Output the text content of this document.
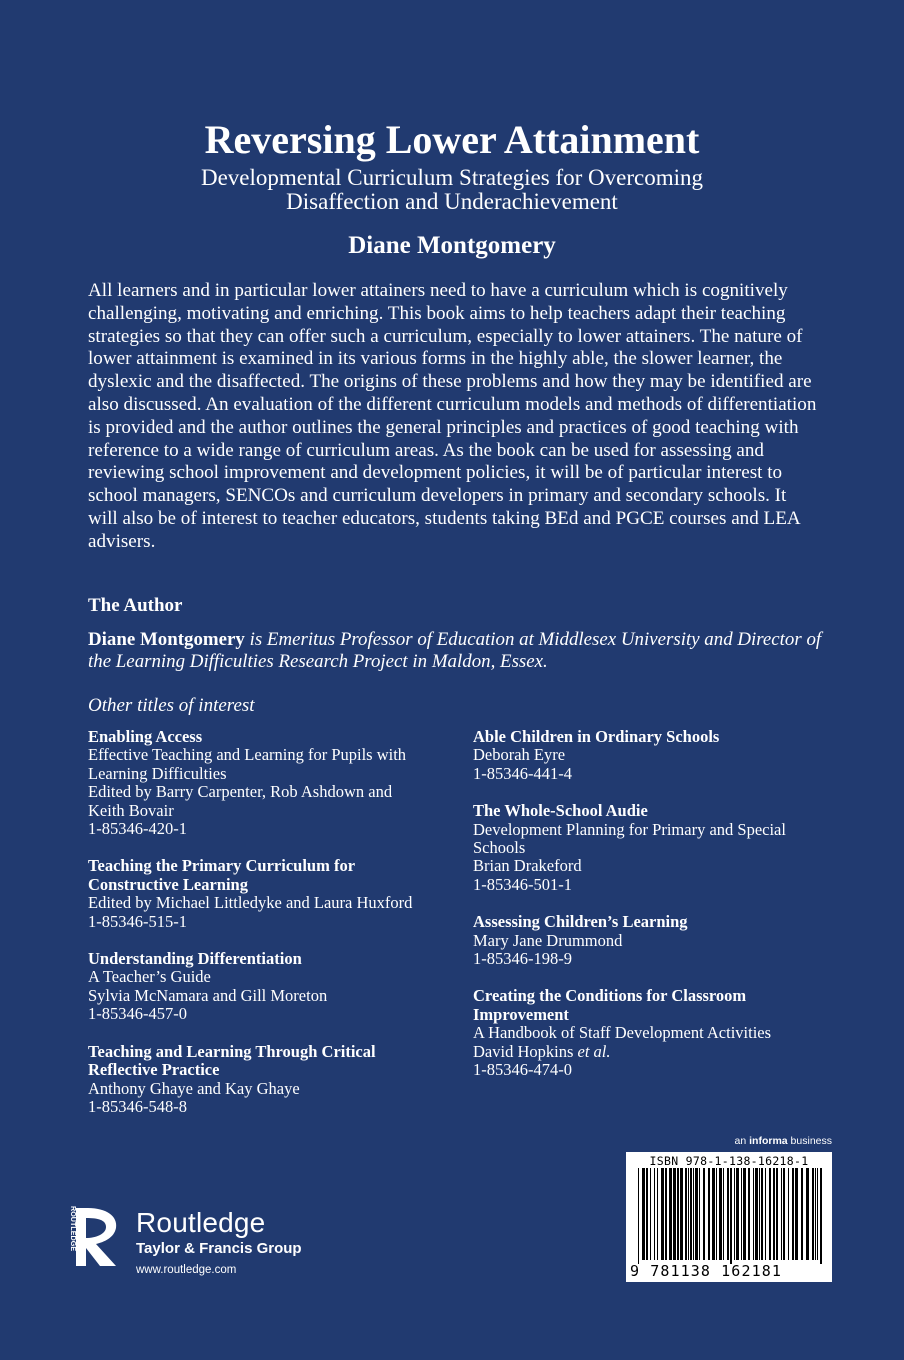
Reversing Lower Attainment
Developmental Curriculum Strategies for Overcoming
Disaffection and Underachievement
Diane Montgomery

All learners and in particular lower attainers need to have a curriculum which is cognitively challenging, motivating and enriching. This book aims to help teachers adapt their teaching strategies so that they can offer such a curriculum, especially to lower attainers. The nature of lower attainment is examined in its various forms in the highly able, the slower learner, the dyslexic and the disaffected. The origins of these problems and how they may be identified are also discussed. An evaluation of the different curriculum models and methods of differentiation is provided and the author outlines the general principles and practices of good teaching with reference to a wide range of curriculum areas. As the book can be used for assessing and reviewing school improvement and development policies, it will be of particular interest to school managers, SENCOs and curriculum developers in primary and secondary schools. It will also be of interest to teacher educators, students taking BEd and PGCE courses and LEA advisers.

The Author

Diane Montgomery is Emeritus Professor of Education at Middlesex University and Director of the Learning Difficulties Research Project in Maldon, Essex.

Other titles of interest
Enabling Access
Effective Teaching and Learning for Pupils with
Learning Difficulties
Edited by Barry Carpenter, Rob Ashdown and
Keith Bovair
1-85346-420-1
Teaching the Primary Curriculum for
Constructive Learning
Edited by Michael Littledyke and Laura Huxford
1-85346-515-1
Understanding Differentiation
A Teacher’s Guide
Sylvia McNamara and Gill Moreton
1-85346-457-0
Teaching and Learning Through Critical
Reflective Practice
Anthony Ghaye and Kay Ghaye
1-85346-548-8
Able Children in Ordinary Schools
Deborah Eyre
1-85346-441-4
The Whole-School Audie
Development Planning for Primary and Special
Schools
Brian Drakeford
1-85346-501-1
Assessing Children’s Learning
Mary Jane Drummond
1-85346-198-9
Creating the Conditions for Classroom
Improvement
A Handbook of Staff Development Activities
David Hopkins et al.
1-85346-474-0
an informa business
ISBN 978-1-138-16218-1
9 781138 162181
ROUTLEDGE Routledge
Taylor & Francis Group
www.routledge.com
